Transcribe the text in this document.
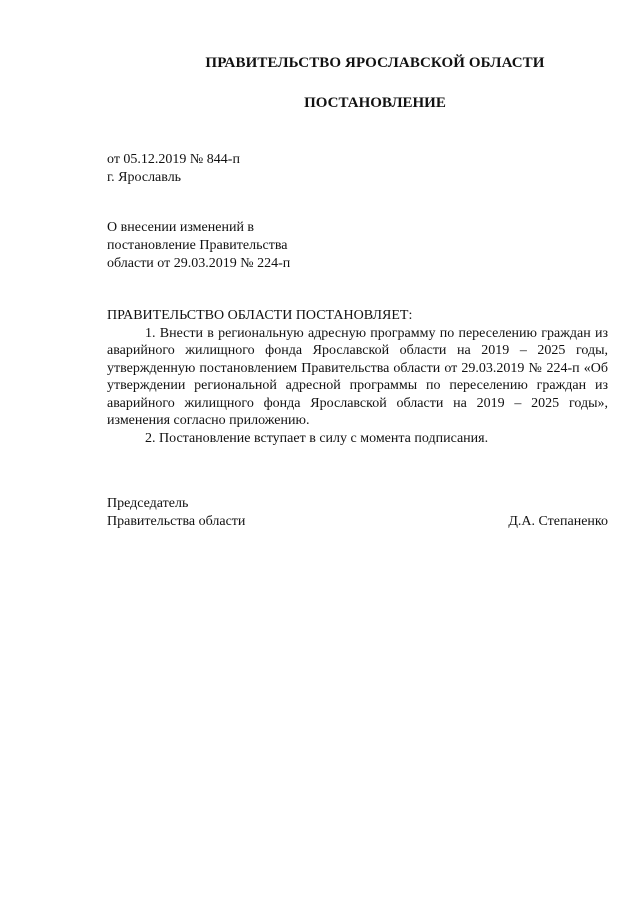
ПРАВИТЕЛЬСТВО ЯРОСЛАВСКОЙ ОБЛАСТИ
ПОСТАНОВЛЕНИЕ
от 05.12.2019 № 844-п
г. Ярославль
О внесении изменений в
постановление Правительства
области от 29.03.2019 № 224-п

ПРАВИТЕЛЬСТВО ОБЛАСТИ ПОСТАНОВЛЯЕТ:

1. Внести в региональную адресную программу по переселению граждан из аварийного жилищного фонда Ярославской области на 2019 – 2025 годы, утвержденную постановлением Правительства области от 29.03.2019 № 224-п «Об утверждении региональной адресной программы по переселению граждан из аварийного жилищного фонда Ярославской области на 2019 – 2025 годы», изменения согласно приложению.

2. Постановление вступает в силу с момента подписания.

Председатель
Правительства области	Д.А. Степаненко
